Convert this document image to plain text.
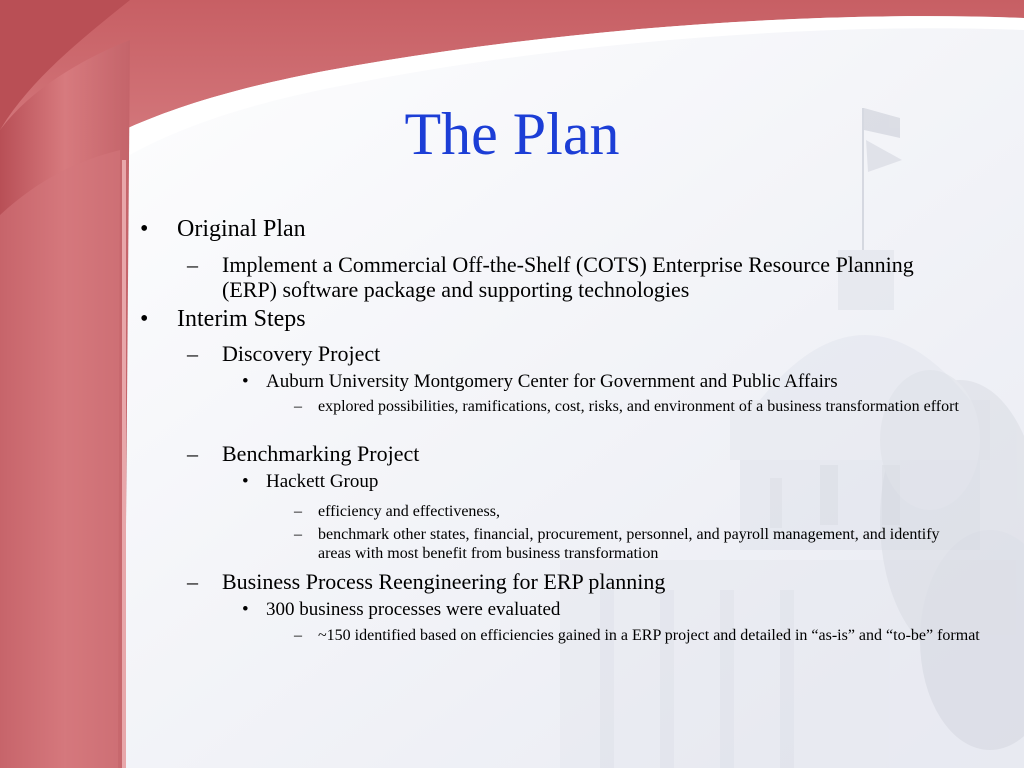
The Plan
• Original Plan
– Implement a Commercial Off-the-Shelf (COTS) Enterprise Resource Planning (ERP) software package and supporting technologies
• Interim Steps
– Discovery Project
• Auburn University Montgomery Center for Government and Public Affairs
– explored possibilities, ramifications, cost, risks, and environment of a business transformation effort
– Benchmarking Project
• Hackett Group
– efficiency and effectiveness,
– benchmark other states, financial, procurement, personnel, and payroll management, and identify areas with most benefit from business transformation
– Business Process Reengineering for ERP planning
• 300 business processes were evaluated
– ~150 identified based on efficiencies gained in a ERP project and detailed in “as-is” and “to-be” format
